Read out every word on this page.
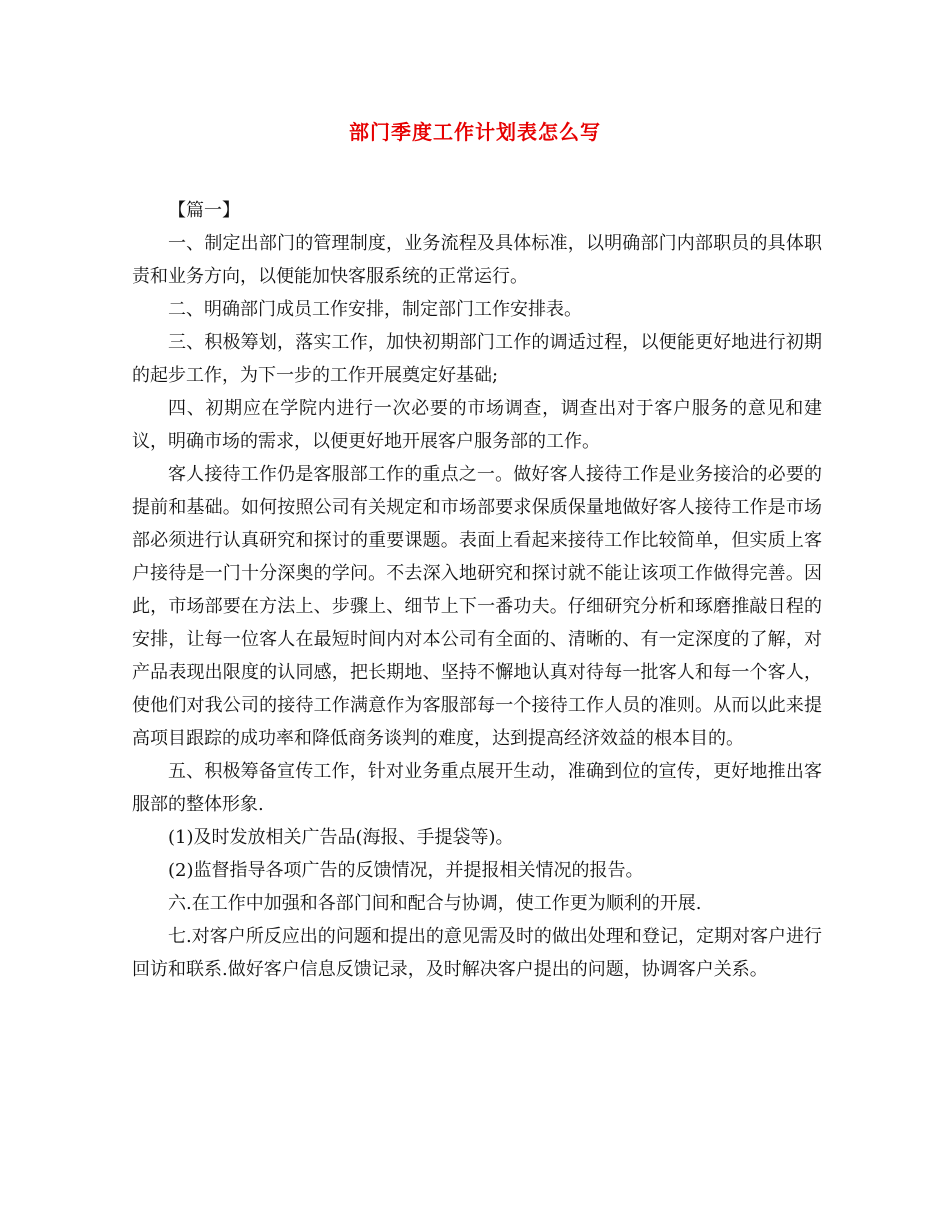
部门季度工作计划表怎么写

【篇一】

一、制定出部门的管理制度，业务流程及具体标准，以明确部门内部职员的具体职责和业务方向，以便能加快客服系统的正常运行。

二、明确部门成员工作安排，制定部门工作安排表。

三、积极筹划，落实工作，加快初期部门工作的调适过程，以便能更好地进行初期的起步工作，为下一步的工作开展奠定好基础;

四、初期应在学院内进行一次必要的市场调查，调查出对于客户服务的意见和建议，明确市场的需求，以便更好地开展客户服务部的工作。

客人接待工作仍是客服部工作的重点之一。做好客人接待工作是业务接洽的必要的提前和基础。如何按照公司有关规定和市场部要求保质保量地做好客人接待工作是市场部必须进行认真研究和探讨的重要课题。表面上看起来接待工作比较简单，但实质上客户接待是一门十分深奥的学问。不去深入地研究和探讨就不能让该项工作做得完善。因此，市场部要在方法上、步骤上、细节上下一番功夫。仔细研究分析和琢磨推敲日程的安排，让每一位客人在最短时间内对本公司有全面的、清晰的、有一定深度的了解，对产品表现出限度的认同感，把长期地、坚持不懈地认真对待每一批客人和每一个客人，使他们对我公司的接待工作满意作为客服部每一个接待工作人员的准则。从而以此来提高项目跟踪的成功率和降低商务谈判的难度，达到提高经济效益的根本目的。

五、积极筹备宣传工作，针对业务重点展开生动，准确到位的宣传，更好地推出客服部的整体形象.

(1)及时发放相关广告品(海报、手提袋等)。

(2)监督指导各项广告的反馈情况，并提报相关情况的报告。

六.在工作中加强和各部门间和配合与协调，使工作更为顺利的开展.

七.对客户所反应出的问题和提出的意见需及时的做出处理和登记，定期对客户进行回访和联系.做好客户信息反馈记录，及时解决客户提出的问题，协调客户关系。
